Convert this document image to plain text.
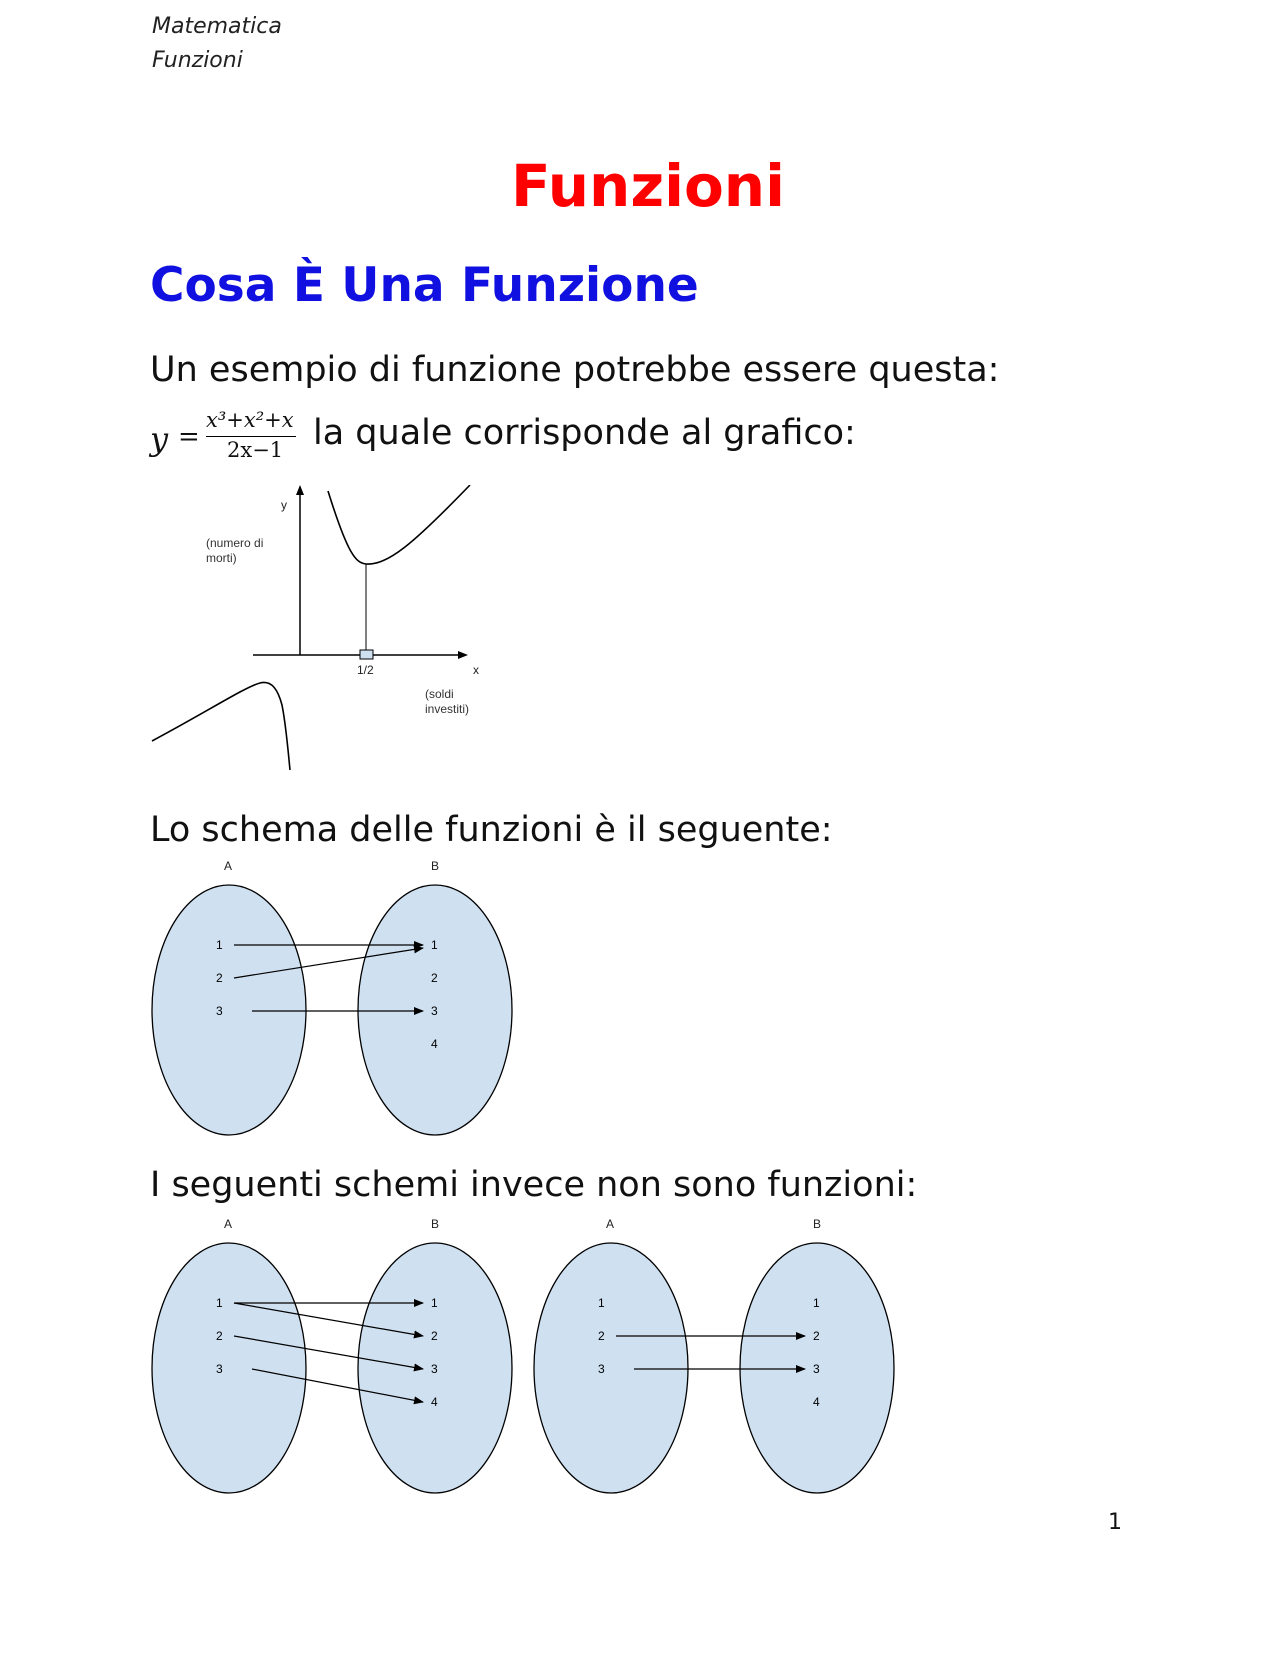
Matematica
Funzioni
Funzioni
Cosa È Una Funzione
Un esempio di funzione potrebbe essere questa:
y =
x³+x²+x
2x−1 la quale corrisponde al grafico:
y
(numero di
morti)
x
(soldi
investiti)
1/2
Lo schema delle funzioni è il seguente:
A	B
1
2
3
1
2
3
4
I seguenti schemi invece non sono funzioni:
A	B
1
2
3
1
2
3
4
A	B
1
2
3
1
2
3
4
1
